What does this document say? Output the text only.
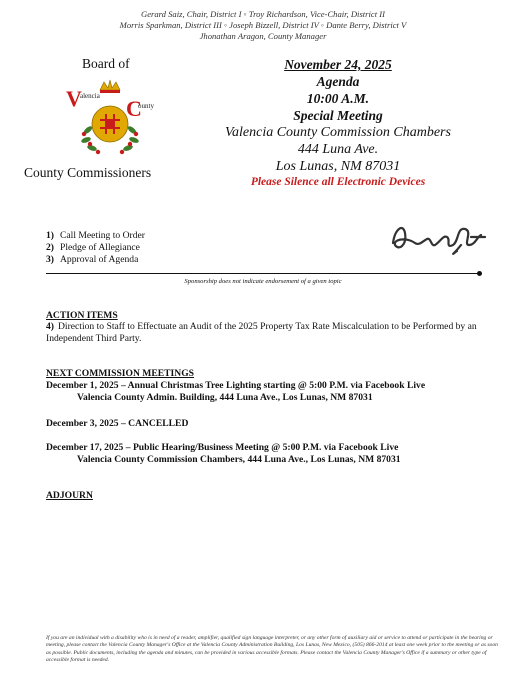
Gerard Saiz, Chair, District I ◦ Troy Richardson, Vice-Chair, District II
Morris Sparkman, District III ◦ Joseph Bizzell, District IV ◦ Dante Berry, District V
Jhonathan Aragon, County Manager
Board of
V C
alencia
ounty
County Commissioners
November 24, 2025
Agenda
10:00 A.M.
Special Meeting
Valencia County Commission Chambers
444 Luna Ave.
Los Lunas, NM 87031
Please Silence all Electronic Devices
1) Call Meeting to Order
2) Pledge of Allegiance
3) Approval of Agenda
Sponsorship does not indicate endorsement of a given topic
ACTION ITEMS
4) Direction to Staff to Effectuate an Audit of the 2025 Property Tax Rate Miscalculation to be Performed by an Independent Third Party.
NEXT COMMISSION MEETINGS
December 1, 2025 – Annual Christmas Tree Lighting starting @ 5:00 P.M. via Facebook Live
Valencia County Admin. Building, 444 Luna Ave., Los Lunas, NM 87031
December 3, 2025 – CANCELLED
December 17, 2025 – Public Hearing/Business Meeting @ 5:00 P.M. via Facebook Live
Valencia County Commission Chambers, 444 Luna Ave., Los Lunas, NM 87031
ADJOURN
If you are an individual with a disability who is in need of a reader, amplifier, qualified sign language interpreter, or any other form of auxiliary aid or service to attend or participate in the hearing or meeting, please contact the Valencia County Manager's Office at the Valencia County Administration Building, Los Lunas, New Mexico, (505) 866-2014 at least one week prior to the meeting or as soon as possible. Public documents, including the agenda and minutes, can be provided in various accessible formats. Please contact the Valencia County Manager's Office if a summary or other type of accessible format is needed.
